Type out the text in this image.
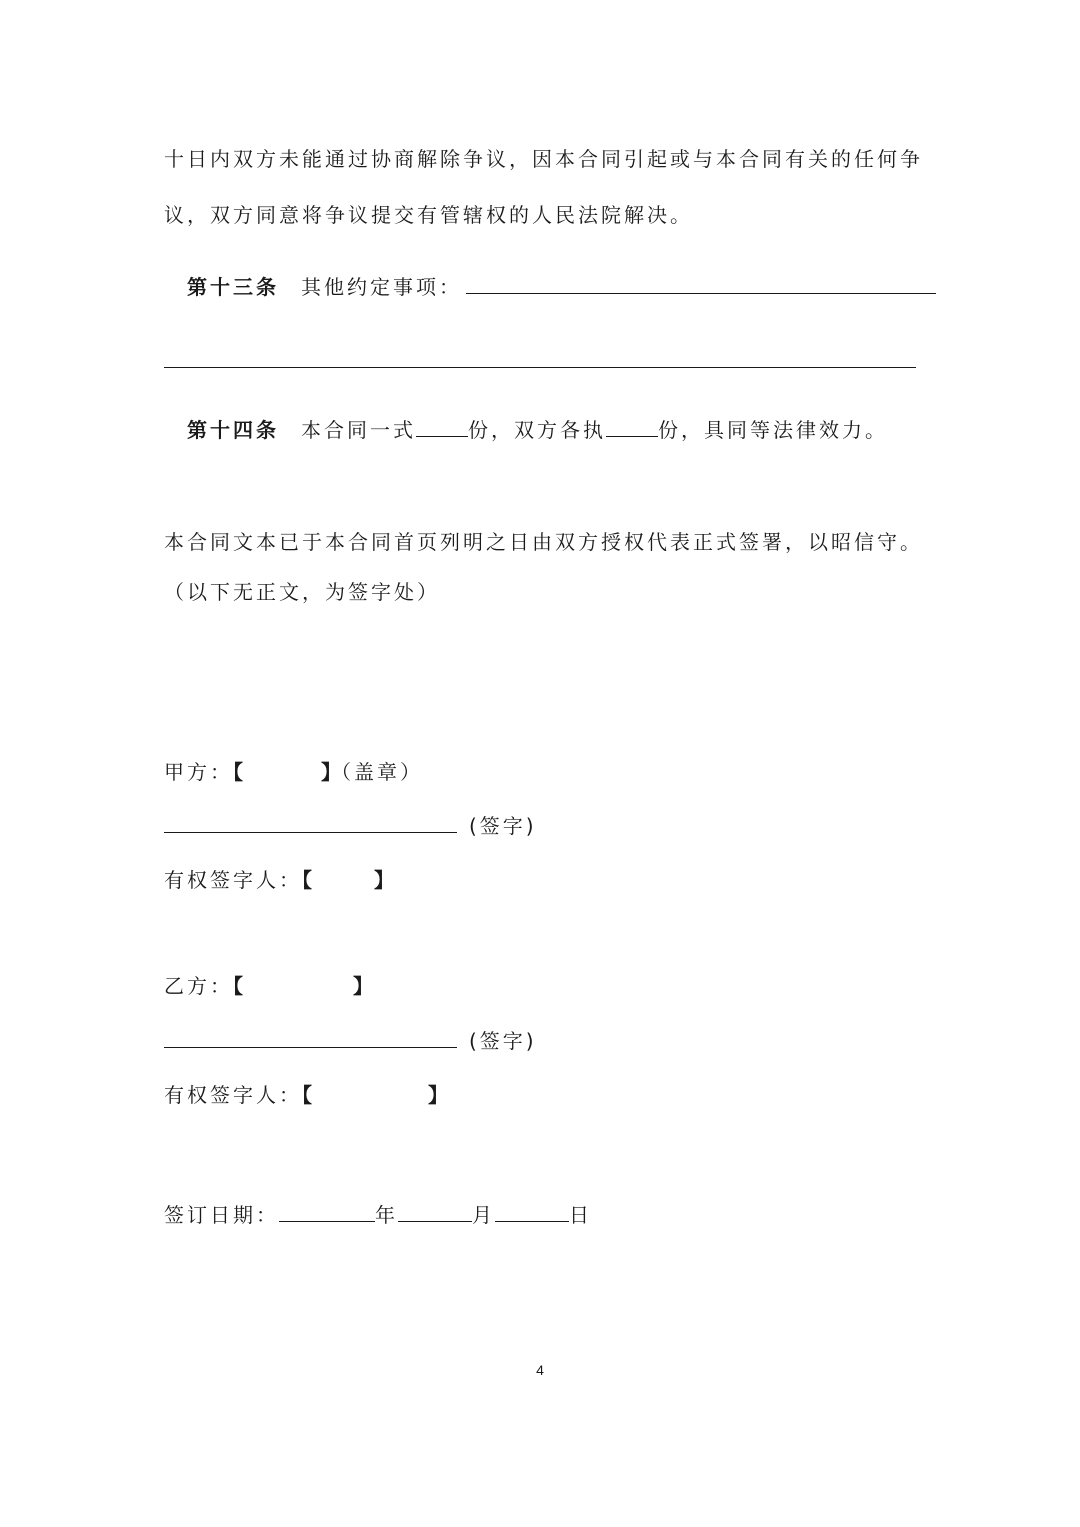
十日内双方未能通过协商解除争议，因本合同引起或与本合同有关的任何争
议，双方同意将争议提交有管辖权的人民法院解决。
第十三条 其他约定事项：
第十四条 本合同一式	份，双方各执	份，具同等法律效力。
本合同文本已于本合同首页列明之日由双方授权代表正式签署，以昭信守。
（以下无正文，为签字处）
甲方：【	】（盖章）
(签字)
有权签字人：【	】
乙方：【	】
(签字)
有权签字人：【	】
签订日期：	年	月	日
4
